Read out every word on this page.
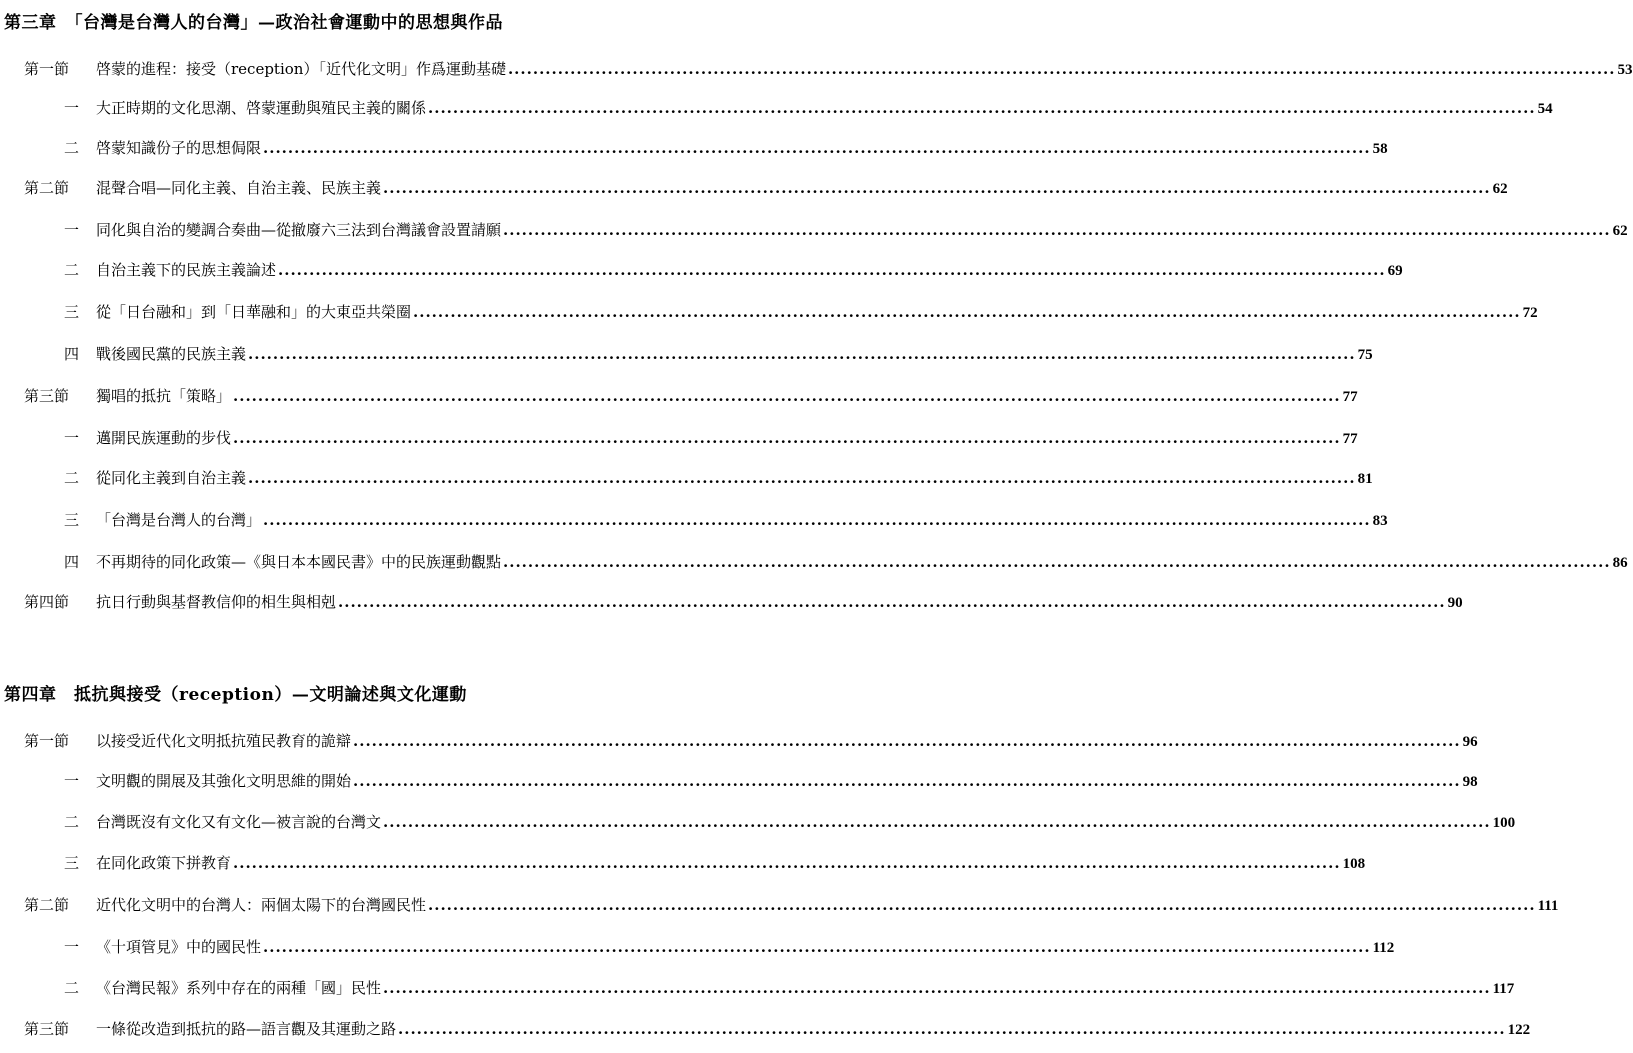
第三章　「台灣是台灣人的台灣」—政治社會運動中的思想與作品
第一節	啓蒙的進程：接受（reception）「近代化文明」作爲運動基礎 .....	53
一	大正時期的文化思潮、啓蒙運動與殖民主義的關係 .....	54
二	啓蒙知識份子的思想侷限 .....	58
第二節	混聲合唱—同化主義、自治主義、民族主義 .....	62
一	同化與自治的變調合奏曲—從撤廢六三法到台灣議會設置請願 .....	62
二	自治主義下的民族主義論述 .....	69
三	從「日台融和」到「日華融和」的大東亞共榮圈 .....	72
四	戰後國民黨的民族主義 .....	75
第三節	獨唱的抵抗「策略」 .....	77
一	邁開民族運動的步伐 .....	77
二	從同化主義到自治主義 .....	81
三	「台灣是台灣人的台灣」 .....	83
四	不再期待的同化政策—《與日本本國民書》中的民族運動觀點 .....	86
第四節	抗日行動與基督教信仰的相生與相剋 .....	90
第四章　抵抗與接受（reception）—文明論述與文化運動
第一節	以接受近代化文明抵抗殖民教育的詭辯 .....	96
一	文明觀的開展及其強化文明思維的開始 .....	98
二	台灣既沒有文化又有文化—被言說的台灣文 .....	100
三	在同化政策下拼教育 .....	108
第二節	近代化文明中的台灣人：兩個太陽下的台灣國民性 .....	111
一	《十項管見》中的國民性 .....	112
二	《台灣民報》系列中存在的兩種「國」民性 .....	117
第三節	一條從改造到抵抗的路—語言觀及其運動之路 .....	122
